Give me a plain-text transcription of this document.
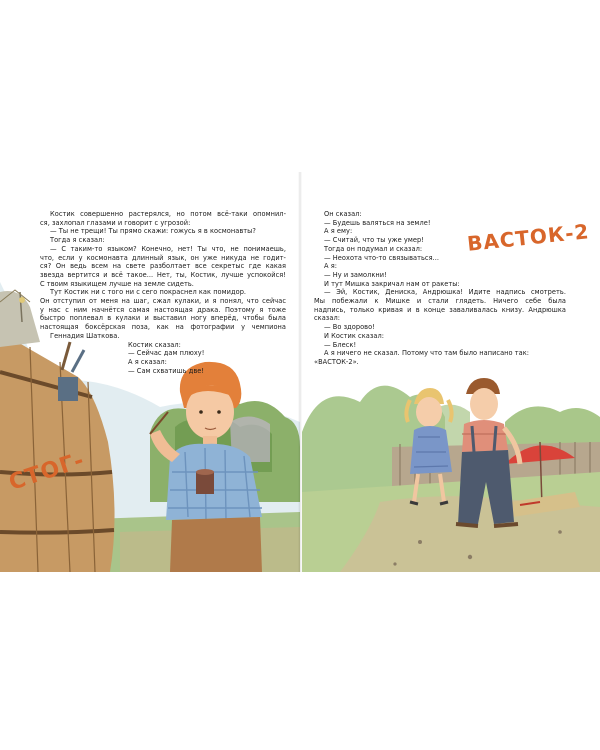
Костик совершенно растерялся, но потом всё-таки опомнил-

ся, захлопал глазами и говорит с угрозой:

— Ты не трещи! Ты прямо скажи: гожусь я в космонавты?

Тогда я сказал:

— С таким-то языком? Конечно, нет! Ты что, не понимаешь,

что, если у космонавта длинный язык, он уже никуда не годит-

ся? Он ведь всем на свете разболтает все секретыс где какая

звезда вертится и всё такое... Нет, ты, Костик, лучше успокойся!

С твоим языкищем лучше на земле сидеть.

Тут Костик ни с того ни с сего покраснел как помидор.

Он отступил от меня на шаг, сжал кулаки, и я понял, что сейчас

у нас с ним начнётся самая настоящая драка. Поэтому я тоже

быстро поплевал в кулаки и выставил ногу вперёд, чтобы была

настоящая боксёрская поза, как на фотографии у чемпиона

Геннадия Шаткова.

Костик сказал:

— Сейчас дам плюху!

А я сказал:

— Сам схватишь две!

Он сказал:

— Будешь валяться на земле!

А я ему:

— Считай, что ты уже умер!

Тогда он подумал и сказал:

— Неохота что-то связываться...

А я:

— Ну и замолкни!

И тут Мишка закричал нам от ракеты:

— Эй, Костик, Дениска, Андрюшка! Идите надпись смотреть.

Мы побежали к Мишке и стали глядеть. Ничего себе была

надпись, только кривая и в конце заваливалась книзу. Андрюшка

сказал:

— Во здорово!

И Костик сказал:

— Блеск!

А я ничего не сказал. Потому что там было написано так:

«ВАСТОК-2».

ВАСТОК-2
СТОГ-
